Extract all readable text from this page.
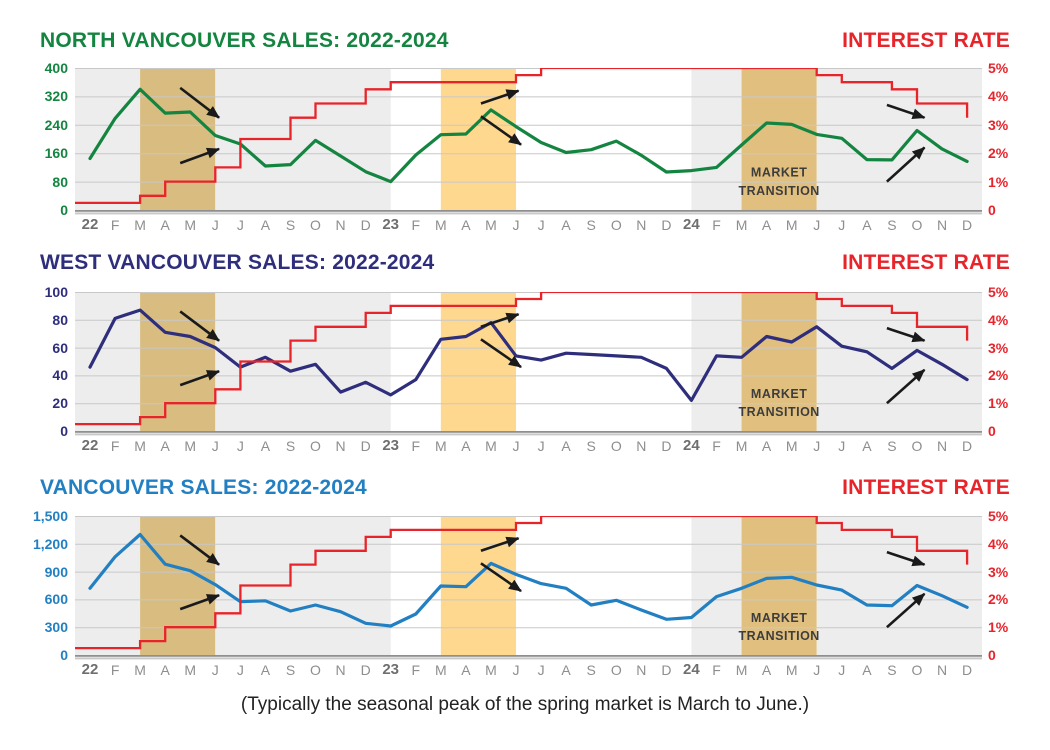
NORTH VANCOUVER SALES: 2022-2024	INTEREST RATE
MARKET
TRANSITION
0
80
160
240
320
400
0
1%
2%
3%
4%
5%
22 F	M	A	M	J	J	A	S	O	N	D 23 F	M	A	M	J	J	A	S	O	N	D 24 F	M	A	M	J	J	A	S	O	N	D
WEST VANCOUVER SALES: 2022-2024	INTEREST RATE
MARKET
TRANSITION
0
20
40
60
80
100
0
1%
2%
3%
4%
5%
22 F	M	A	M	J	J	A	S	O	N	D 23 F	M	A	M	J	J	A	S	O	N	D 24 F	M	A	M	J	J	A	S	O	N	D
VANCOUVER SALES: 2022-2024	INTEREST RATE
MARKET
TRANSITION
0
300
600
900
1,200
1,500
0
1%
2%
3%
4%
5%
22 F	M	A	M	J	J	A	S	O	N	D 23 F	M	A	M	J	J	A	S	O	N	D 24 F	M	A	M	J	J	A	S	O	N	D
(Typically the seasonal peak of the spring market is March to June.)
